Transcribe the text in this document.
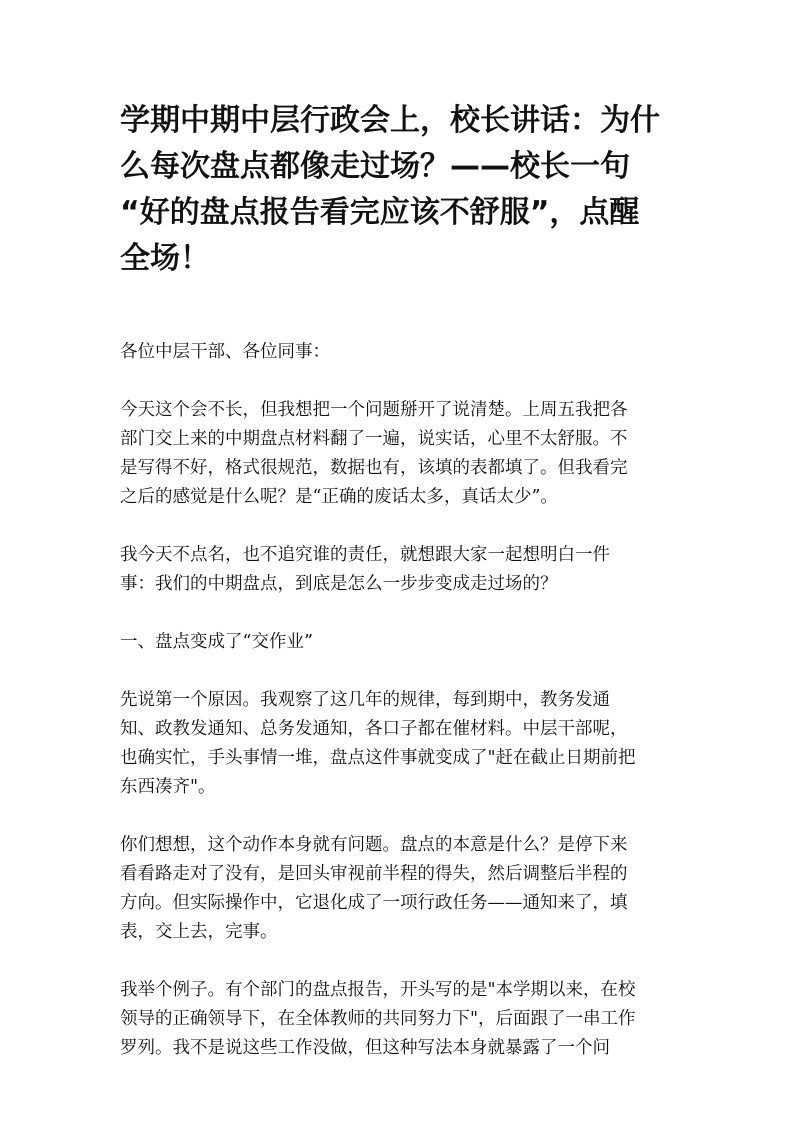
学期中期中层行政会上，校长讲话：为什
么每次盘点都像走过场？——校长一句
“好的盘点报告看完应该不舒服”，点醒
全场！

各位中层干部、各位同事：

今天这个会不长，但我想把一个问题掰开了说清楚。上周五我把各
部门交上来的中期盘点材料翻了一遍，说实话，心里不太舒服。不
是写得不好，格式很规范，数据也有，该填的表都填了。但我看完
之后的感觉是什么呢？是“正确的废话太多，真话太少”。

我今天不点名，也不追究谁的责任，就想跟大家一起想明白一件
事：我们的中期盘点，到底是怎么一步步变成走过场的？

一、盘点变成了“交作业”

先说第一个原因。我观察了这几年的规律，每到期中，教务发通
知、政教发通知、总务发通知，各口子都在催材料。中层干部呢，
也确实忙，手头事情一堆，盘点这件事就变成了"赶在截止日期前把
东西凑齐"。

你们想想，这个动作本身就有问题。盘点的本意是什么？是停下来
看看路走对了没有，是回头审视前半程的得失，然后调整后半程的
方向。但实际操作中，它退化成了一项行政任务——通知来了，填
表，交上去，完事。

我举个例子。有个部门的盘点报告，开头写的是"本学期以来，在校
领导的正确领导下，在全体教师的共同努力下"，后面跟了一串工作
罗列。我不是说这些工作没做，但这种写法本身就暴露了一个问
